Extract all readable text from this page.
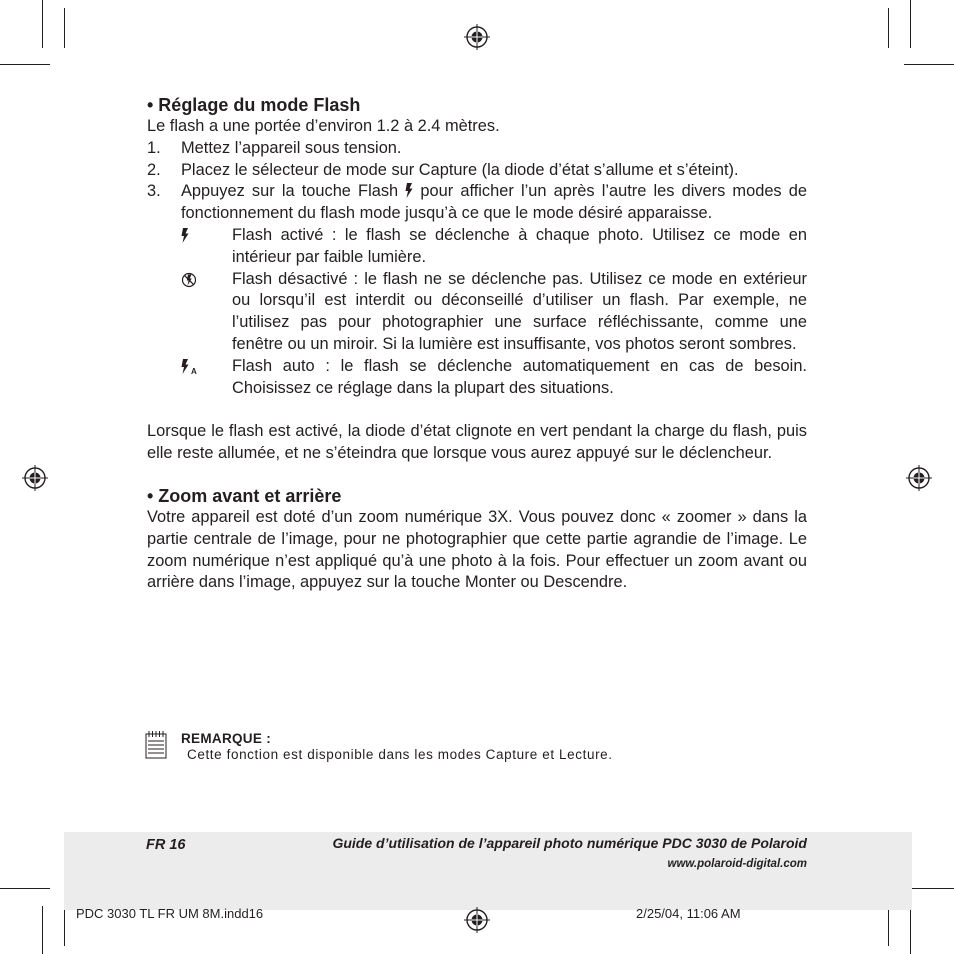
• Réglage du mode Flash

Le flash a une portée d’environ 1.2 à 2.4 mètres.

1.	Mettez l’appareil sous tension.
2.	Placez le sélecteur de mode sur Capture (la diode d’état s’allume et s’éteint).
3.	Appuyez sur la touche Flash pour afficher l’un après l’autre les divers modes de fonctionnement du flash mode jusqu’à ce que le mode désiré apparaisse.
Flash activé : le flash se déclenche à chaque photo. Utilisez ce mode en intérieur par faible lumière.
Flash désactivé : le flash ne se déclenche pas. Utilisez ce mode en extérieur ou lorsqu’il est interdit ou déconseillé d’utiliser un flash. Par exemple, ne l’utilisez pas pour photographier une surface réfléchissante, comme une fenêtre ou un miroir. Si la lumière est insuffisante, vos photos seront sombres.
A Flash auto : le flash se déclenche automatiquement en cas de besoin. Choisissez ce réglage dans la plupart des situations.

Lorsque le flash est activé, la diode d’état clignote en vert pendant la charge du flash, puis elle reste allumée, et ne s’éteindra que lorsque vous aurez appuyé sur le déclencheur.

• Zoom avant et arrière

Votre appareil est doté d’un zoom numérique 3X. Vous pouvez donc « zoomer » dans la partie centrale de l’image, pour ne photographier que cette partie agrandie de l’image. Le zoom numérique n’est appliqué qu’à une photo à la fois. Pour effectuer un zoom avant ou arrière dans l’image, appuyez sur la touche Monter ou Descendre.

REMARQUE :
Cette fonction est disponible dans les modes Capture et Lecture.
FR 16	Guide d’utilisation de l’appareil photo numérique PDC 3030 de Polaroid
www.polaroid-digital.com
PDC 3030 TL FR UM 8M.indd16	2/25/04, 11:06 AM
